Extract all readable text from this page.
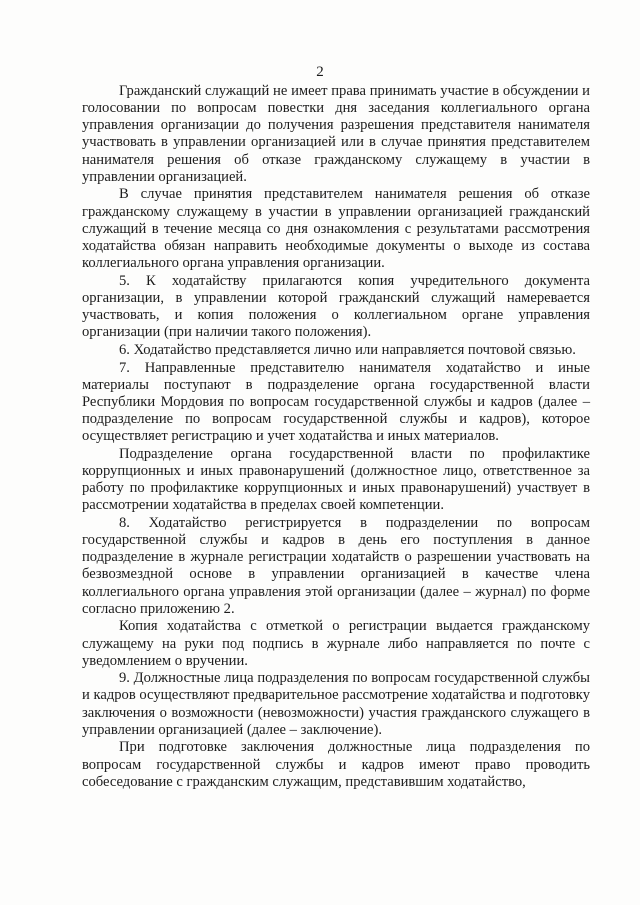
2

Гражданский служащий не имеет права принимать участие в обсуждении и голосовании по вопросам повестки дня заседания коллегиального органа управления организации до получения разрешения представителя нанимателя участвовать в управлении организацией или в случае принятия представителем нанимателя решения об отказе гражданскому служащему в участии в управлении организацией.

В случае принятия представителем нанимателя решения об отказе гражданскому служащему в участии в управлении организацией гражданский служащий в течение месяца со дня ознакомления с результатами рассмотрения ходатайства обязан направить необходимые документы о выходе из состава коллегиального органа управления организации.

5. К ходатайству прилагаются копия учредительного документа организации, в управлении которой гражданский служащий намеревается участвовать, и копия положения о коллегиальном органе управления организации (при наличии такого положения).

6. Ходатайство представляется лично или направляется почтовой связью.

7. Направленные представителю нанимателя ходатайство и иные материалы поступают в подразделение органа государственной власти Республики Мордовия по вопросам государственной службы и кадров (далее – подразделение по вопросам государственной службы и кадров), которое осуществляет регистрацию и учет ходатайства и иных материалов.

Подразделение органа государственной власти по профилактике коррупционных и иных правонарушений (должностное лицо, ответственное за работу по профилактике коррупционных и иных правонарушений) участвует в рассмотрении ходатайства в пределах своей компетенции.

8. Ходатайство регистрируется в подразделении по вопросам государственной службы и кадров в день его поступления в данное подразделение в журнале регистрации ходатайств о разрешении участвовать на безвозмездной основе в управлении организацией в качестве члена коллегиального органа управления этой организации (далее – журнал) по форме согласно приложению 2.

Копия ходатайства с отметкой о регистрации выдается гражданскому служащему на руки под подпись в журнале либо направляется по почте с уведомлением о вручении.

9. Должностные лица подразделения по вопросам государственной службы и кадров осуществляют предварительное рассмотрение ходатайства и подготовку заключения о возможности (невозможности) участия гражданского служащего в управлении организацией (далее – заключение).

При подготовке заключения должностные лица подразделения по вопросам государственной службы и кадров имеют право проводить собеседование с гражданским служащим, представившим ходатайство,
